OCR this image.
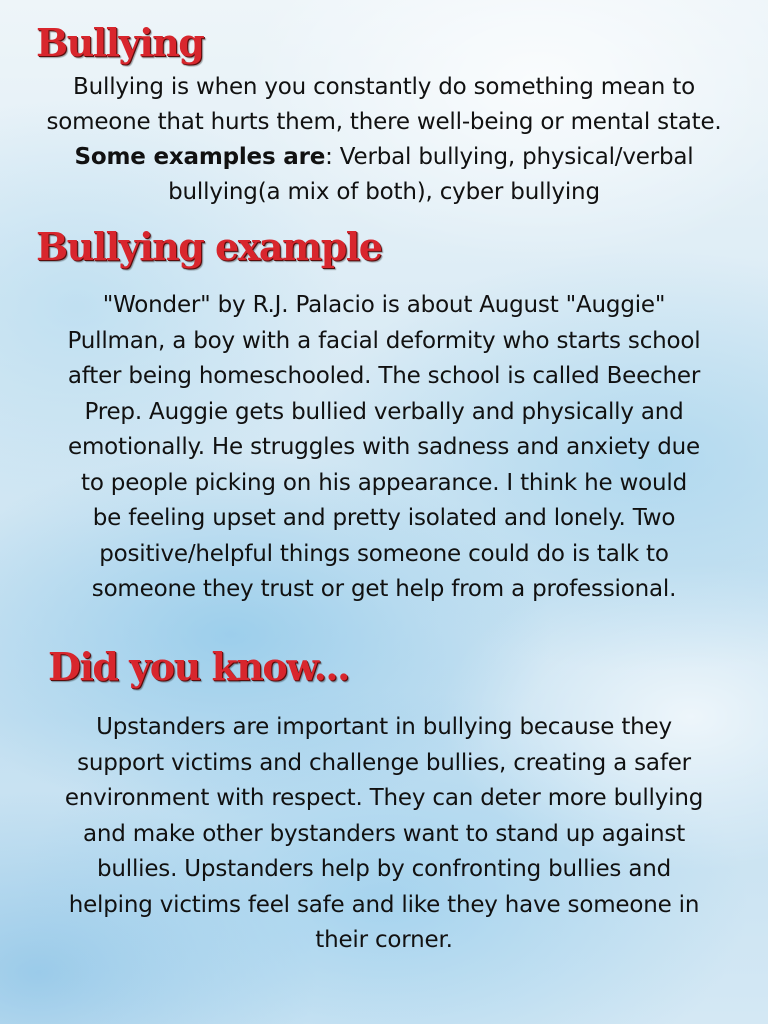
Bullying

Bullying is when you constantly do something mean to
someone that hurts them, there well-being or mental state.
Some examples are: Verbal bullying, physical/verbal
bullying(a mix of both), cyber bullying

Bullying example

"Wonder" by R.J. Palacio is about August "Auggie"
Pullman, a boy with a facial deformity who starts school
after being homeschooled. The school is called Beecher
Prep. Auggie gets bullied verbally and physically and
emotionally. He struggles with sadness and anxiety due
to people picking on his appearance. I think he would
be feeling upset and pretty isolated and lonely. Two
positive/helpful things someone could do is talk to
someone they trust or get help from a professional.

Did you know...

Upstanders are important in bullying because they
support victims and challenge bullies, creating a safer
environment with respect. They can deter more bullying
and make other bystanders want to stand up against
bullies. Upstanders help by confronting bullies and
helping victims feel safe and like they have someone in
their corner.
